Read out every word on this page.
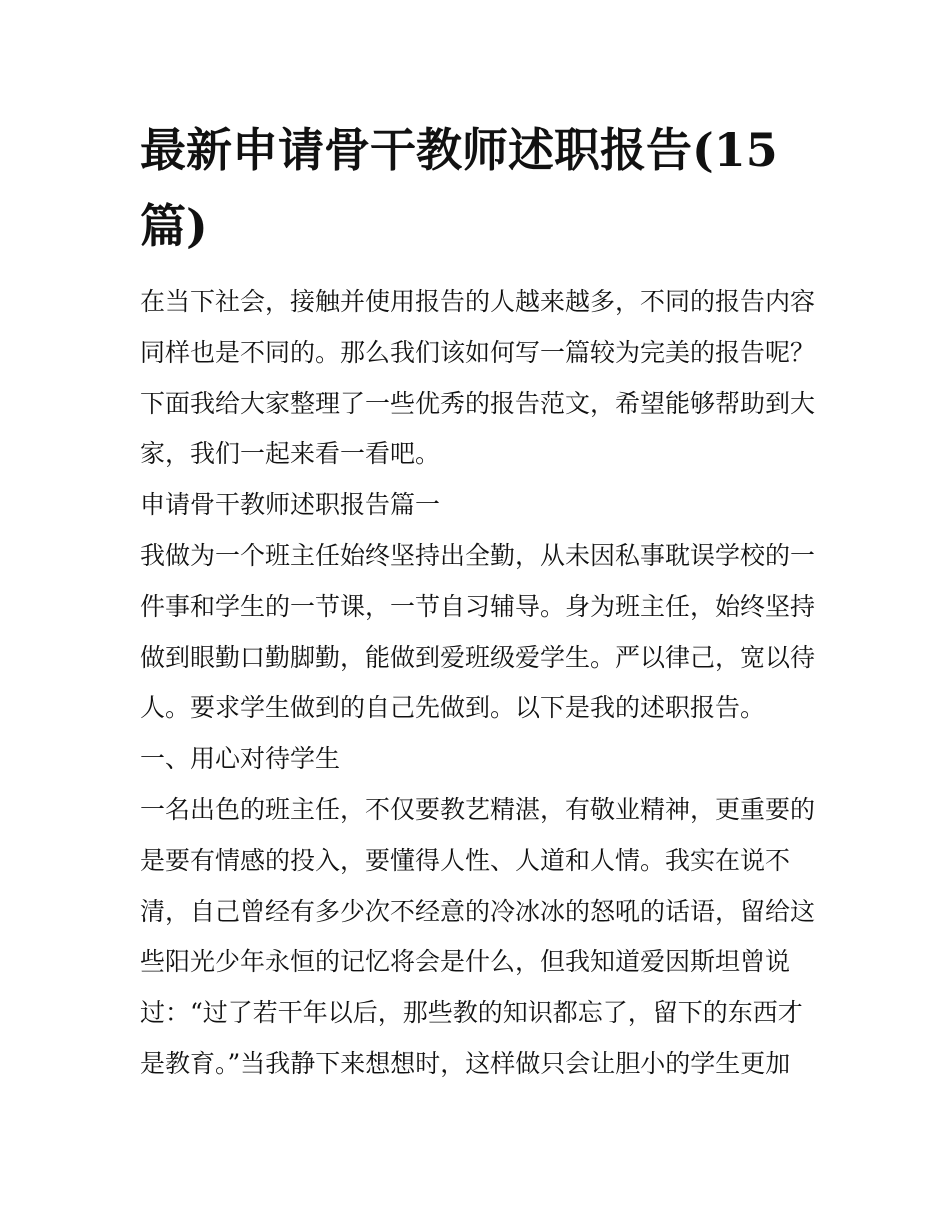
最新申请骨干教师述职报告(15篇)
在当下社会，接触并使用报告的人越来越多，不同的报告内容
同样也是不同的。那么我们该如何写一篇较为完美的报告呢？
下面我给大家整理了一些优秀的报告范文，希望能够帮助到大
家，我们一起来看一看吧。
申请骨干教师述职报告篇一
我做为一个班主任始终坚持出全勤，从未因私事耽误学校的一
件事和学生的一节课，一节自习辅导。身为班主任，始终坚持
做到眼勤口勤脚勤，能做到爱班级爱学生。严以律己，宽以待
人。要求学生做到的自己先做到。以下是我的述职报告。
一、用心对待学生
一名出色的班主任，不仅要教艺精湛，有敬业精神，更重要的
是要有情感的投入，要懂得人性、人道和人情。我实在说不
清，自己曾经有多少次不经意的冷冰冰的怒吼的话语，留给这
些阳光少年永恒的记忆将会是什么，但我知道爱因斯坦曾说
过：“过了若干年以后，那些教的知识都忘了，留下的东西才
是教育。”当我静下来想想时，这样做只会让胆小的学生更加
